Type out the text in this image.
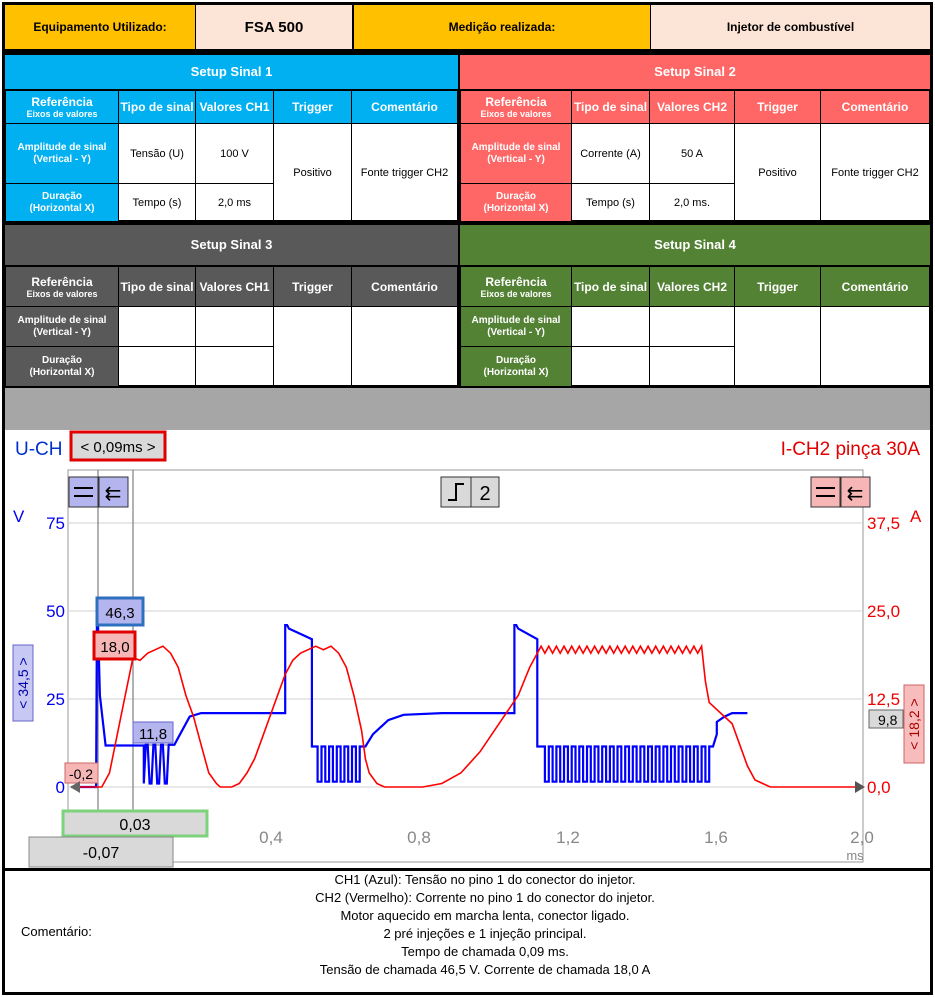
Equipamento Utilizado:	FSA 500	Medição realizada:	Injetor de combustível
Setup Sinal 1
Referência
Eixos de valores	Tipo de sinal	Valores CH1	Trigger	Comentário

Amplitude de sinal
(Vertical - Y)	Tensão (U)	100 V	Positivo	Fonte trigger CH2

Duração
(Horizontal X)	Tempo (s)	2,0 ms		
Setup Sinal 2
Referência
Eixos de valores	Tipo de sinal	Valores CH2	Trigger	Comentário

Amplitude de sinal
(Vertical - Y)	Corrente (A)	50 A	Positivo	Fonte trigger CH2

Duração
(Horizontal X)	Tempo (s)	2,0 ms.		
Setup Sinal 3
Referência
Eixos de valores	Tipo de sinal	Valores CH1	Trigger	Comentário

Amplitude de sinal
(Vertical - Y)				

Duração
(Horizontal X)				

Setup Sinal 4
Referência
Eixos de valores	Tipo de sinal	Valores CH2	Trigger	Comentário

Amplitude de sinal
(Vertical - Y)				

Duração
(Horizontal X)				

U-CH < 0,09ms >	I-CH2 pinça 30A
⇇	2	⇇
V 75
50
25
0
< 34,5 >
A
37,5
25,0
12,5
0,0
< 18,2 >
9,8
46,3
18,0
11,8
-0,2
0,4	0,8	1,2	1,6	2,0
ms
0,03
-0,07
Comentário:
CH1 (Azul): Tensão no pino 1 do conector do injetor.
CH2 (Vermelho): Corrente no pino 1 do conector do injetor.
Motor aquecido em marcha lenta, conector ligado.
2 pré injeções e 1 injeção principal.
Tempo de chamada 0,09 ms.
Tensão de chamada 46,5 V. Corrente de chamada 18,0 A
